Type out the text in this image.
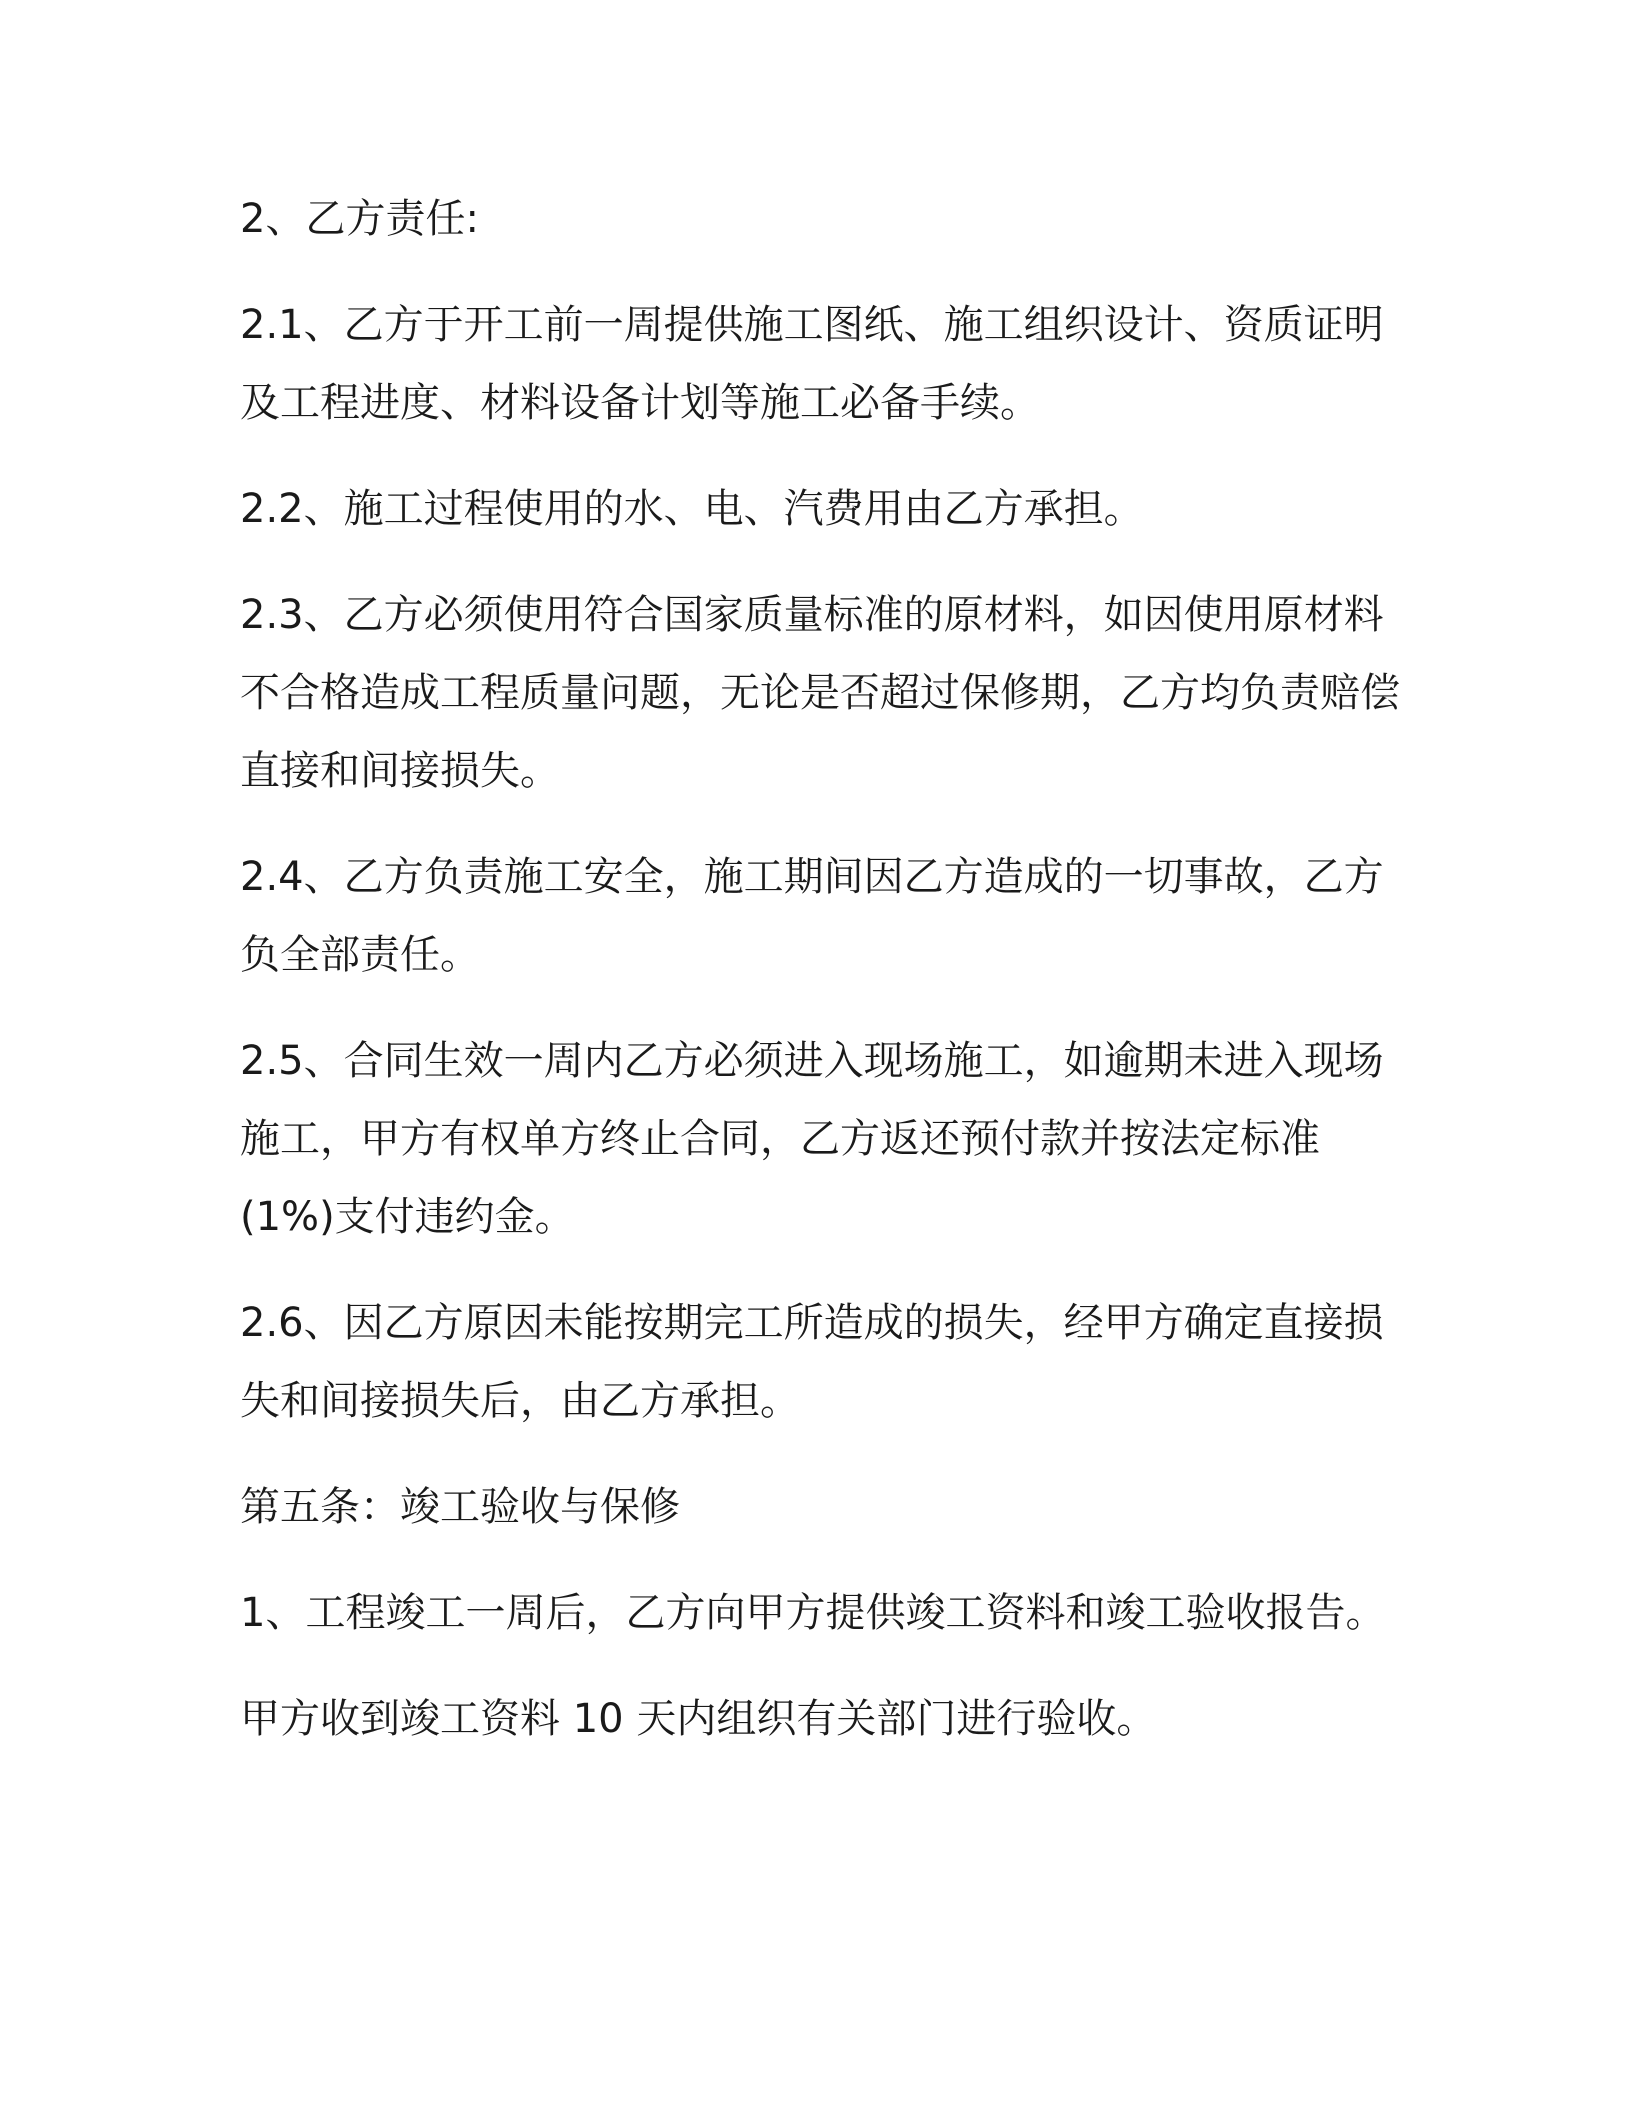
2、乙方责任:

2.1、乙方于开工前一周提供施工图纸、施工组织设计、资质证明及工程进度、材料设备计划等施工必备手续。

2.2、施工过程使用的水、电、汽费用由乙方承担。

2.3、乙方必须使用符合国家质量标准的原材料，如因使用原材料不合格造成工程质量问题，无论是否超过保修期，乙方均负责赔偿直接和间接损失。

2.4、乙方负责施工安全，施工期间因乙方造成的一切事故，乙方负全部责任。

2.5、合同生效一周内乙方必须进入现场施工，如逾期未进入现场施工，甲方有权单方终止合同，乙方返还预付款并按法定标准(1%)支付违约金。

2.6、因乙方原因未能按期完工所造成的损失，经甲方确定直接损失和间接损失后，由乙方承担。

第五条：竣工验收与保修

1、工程竣工一周后，乙方向甲方提供竣工资料和竣工验收报告。

甲方收到竣工资料 10 天内组织有关部门进行验收。
